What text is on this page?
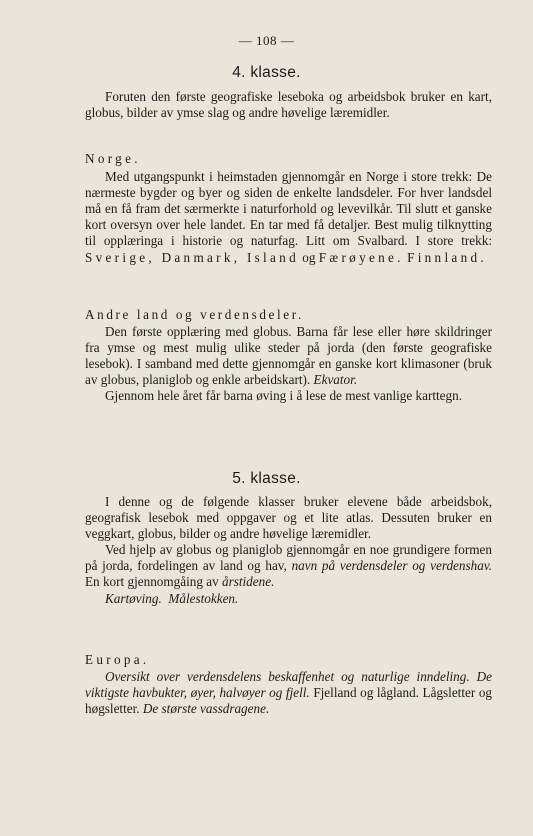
— 108 —
4. klasse.

Foruten den første geografiske leseboka og arbeidsbok bruker en kart, globus, bilder av ymse slag og andre høvelige læremidler.

Norge.

Med utgangspunkt i heimstaden gjennomgår en Norge i store trekk: De nærmeste bygder og byer og siden de enkelte landsdeler. For hver landsdel må en få fram det særmerkte i naturforhold og levevilkår. Til slutt et ganske kort oversyn over hele landet. En tar med få detaljer. Best mulig tilknytting til opplæringa i historie og naturfag. Litt om Svalbard. I store trekk: Sverige, Danmark, Island og Færøyene. Finnland.

Andre land og verdensdeler.

Den første opplæring med globus. Barna får lese eller høre skildringer fra ymse og mest mulig ulike steder på jorda (den første geografiske lesebok). I samband med dette gjennomgår en ganske kort klimasoner (bruk av globus, planiglob og enkle arbeidskart). Ekvator.

Gjennom hele året får barna øving i å lese de mest vanlige karttegn.

5. klasse.

I denne og de følgende klasser bruker elevene både arbeidsbok, geografisk lesebok med oppgaver og et lite atlas. Dessuten bruker en veggkart, globus, bilder og andre høvelige læremidler.

Ved hjelp av globus og planiglob gjennomgår en noe grundigere formen på jorda, fordelingen av land og hav, navn på verdensdeler og verdenshav. En kort gjennomgåing av årstidene.

Kartøving.  Målestokken.

Europa.

Oversikt over verdensdelens beskaffenhet og naturlige inndeling. De viktigste havbukter, øyer, halvøyer og fjell. Fjelland og lågland. Lågsletter og høgsletter. De største vassdragene.
